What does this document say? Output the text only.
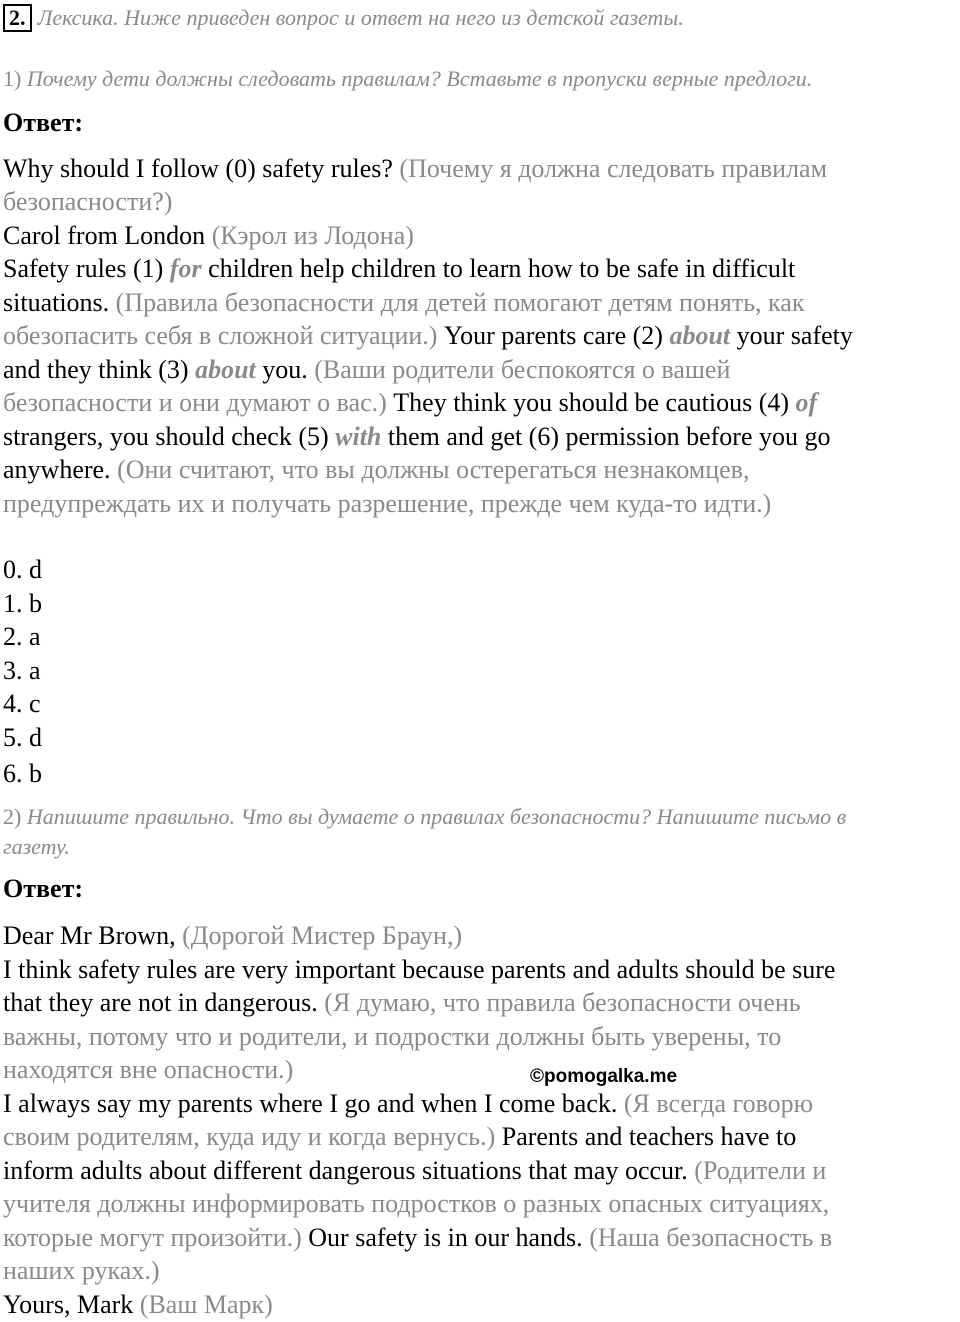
2. Лексика. Ниже приведен вопрос и ответ на него из детской газеты.
1) Почему дети должны следовать правилам? Вставьте в пропуски верные предлоги.
Ответ:
Why should I follow (0) safety rules? (Почему я должна следовать правилам
безопасности?)
Carol from London (Кэрол из Лодона)
Safety rules (1) for children help children to learn how to be safe in difficult
situations. (Правила безопасности для детей помогают детям понять, как
обезопасить себя в сложной ситуации.) Your parents care (2) about your safety
and they think (3) about you. (Ваши родители беспокоятся о вашей
безопасности и они думают о вас.) They think you should be cautious (4) of
strangers, you should check (5) with them and get (6) permission before you go
anywhere. (Они считают, что вы должны остерегаться незнакомцев,
предупреждать их и получать разрешение, прежде чем куда-то идти.)
0. d
1. b
2. a
3. a
4. c
5. d
6. b
2) Напишите правильно. Что вы думаете о правилах безопасности? Напишите письмо в
газету.
Ответ:
Dear Mr Brown, (Дорогой Мистер Браун,)
I think safety rules are very important because parents and adults should be sure
that they are not in dangerous. (Я думаю, что правила безопасности очень
важны, потому что и родители, и подростки должны быть уверены, то
находятся вне опасности.)	©pomogalka.me
I always say my parents where I go and when I come back. (Я всегда говорю
своим родителям, куда иду и когда вернусь.) Parents and teachers have to
inform adults about different dangerous situations that may occur. (Родители и
учителя должны информировать подростков о разных опасных ситуациях,
которые могут произойти.) Our safety is in our hands. (Наша безопасность в
наших руках.)
Yours, Mark (Ваш Марк)
